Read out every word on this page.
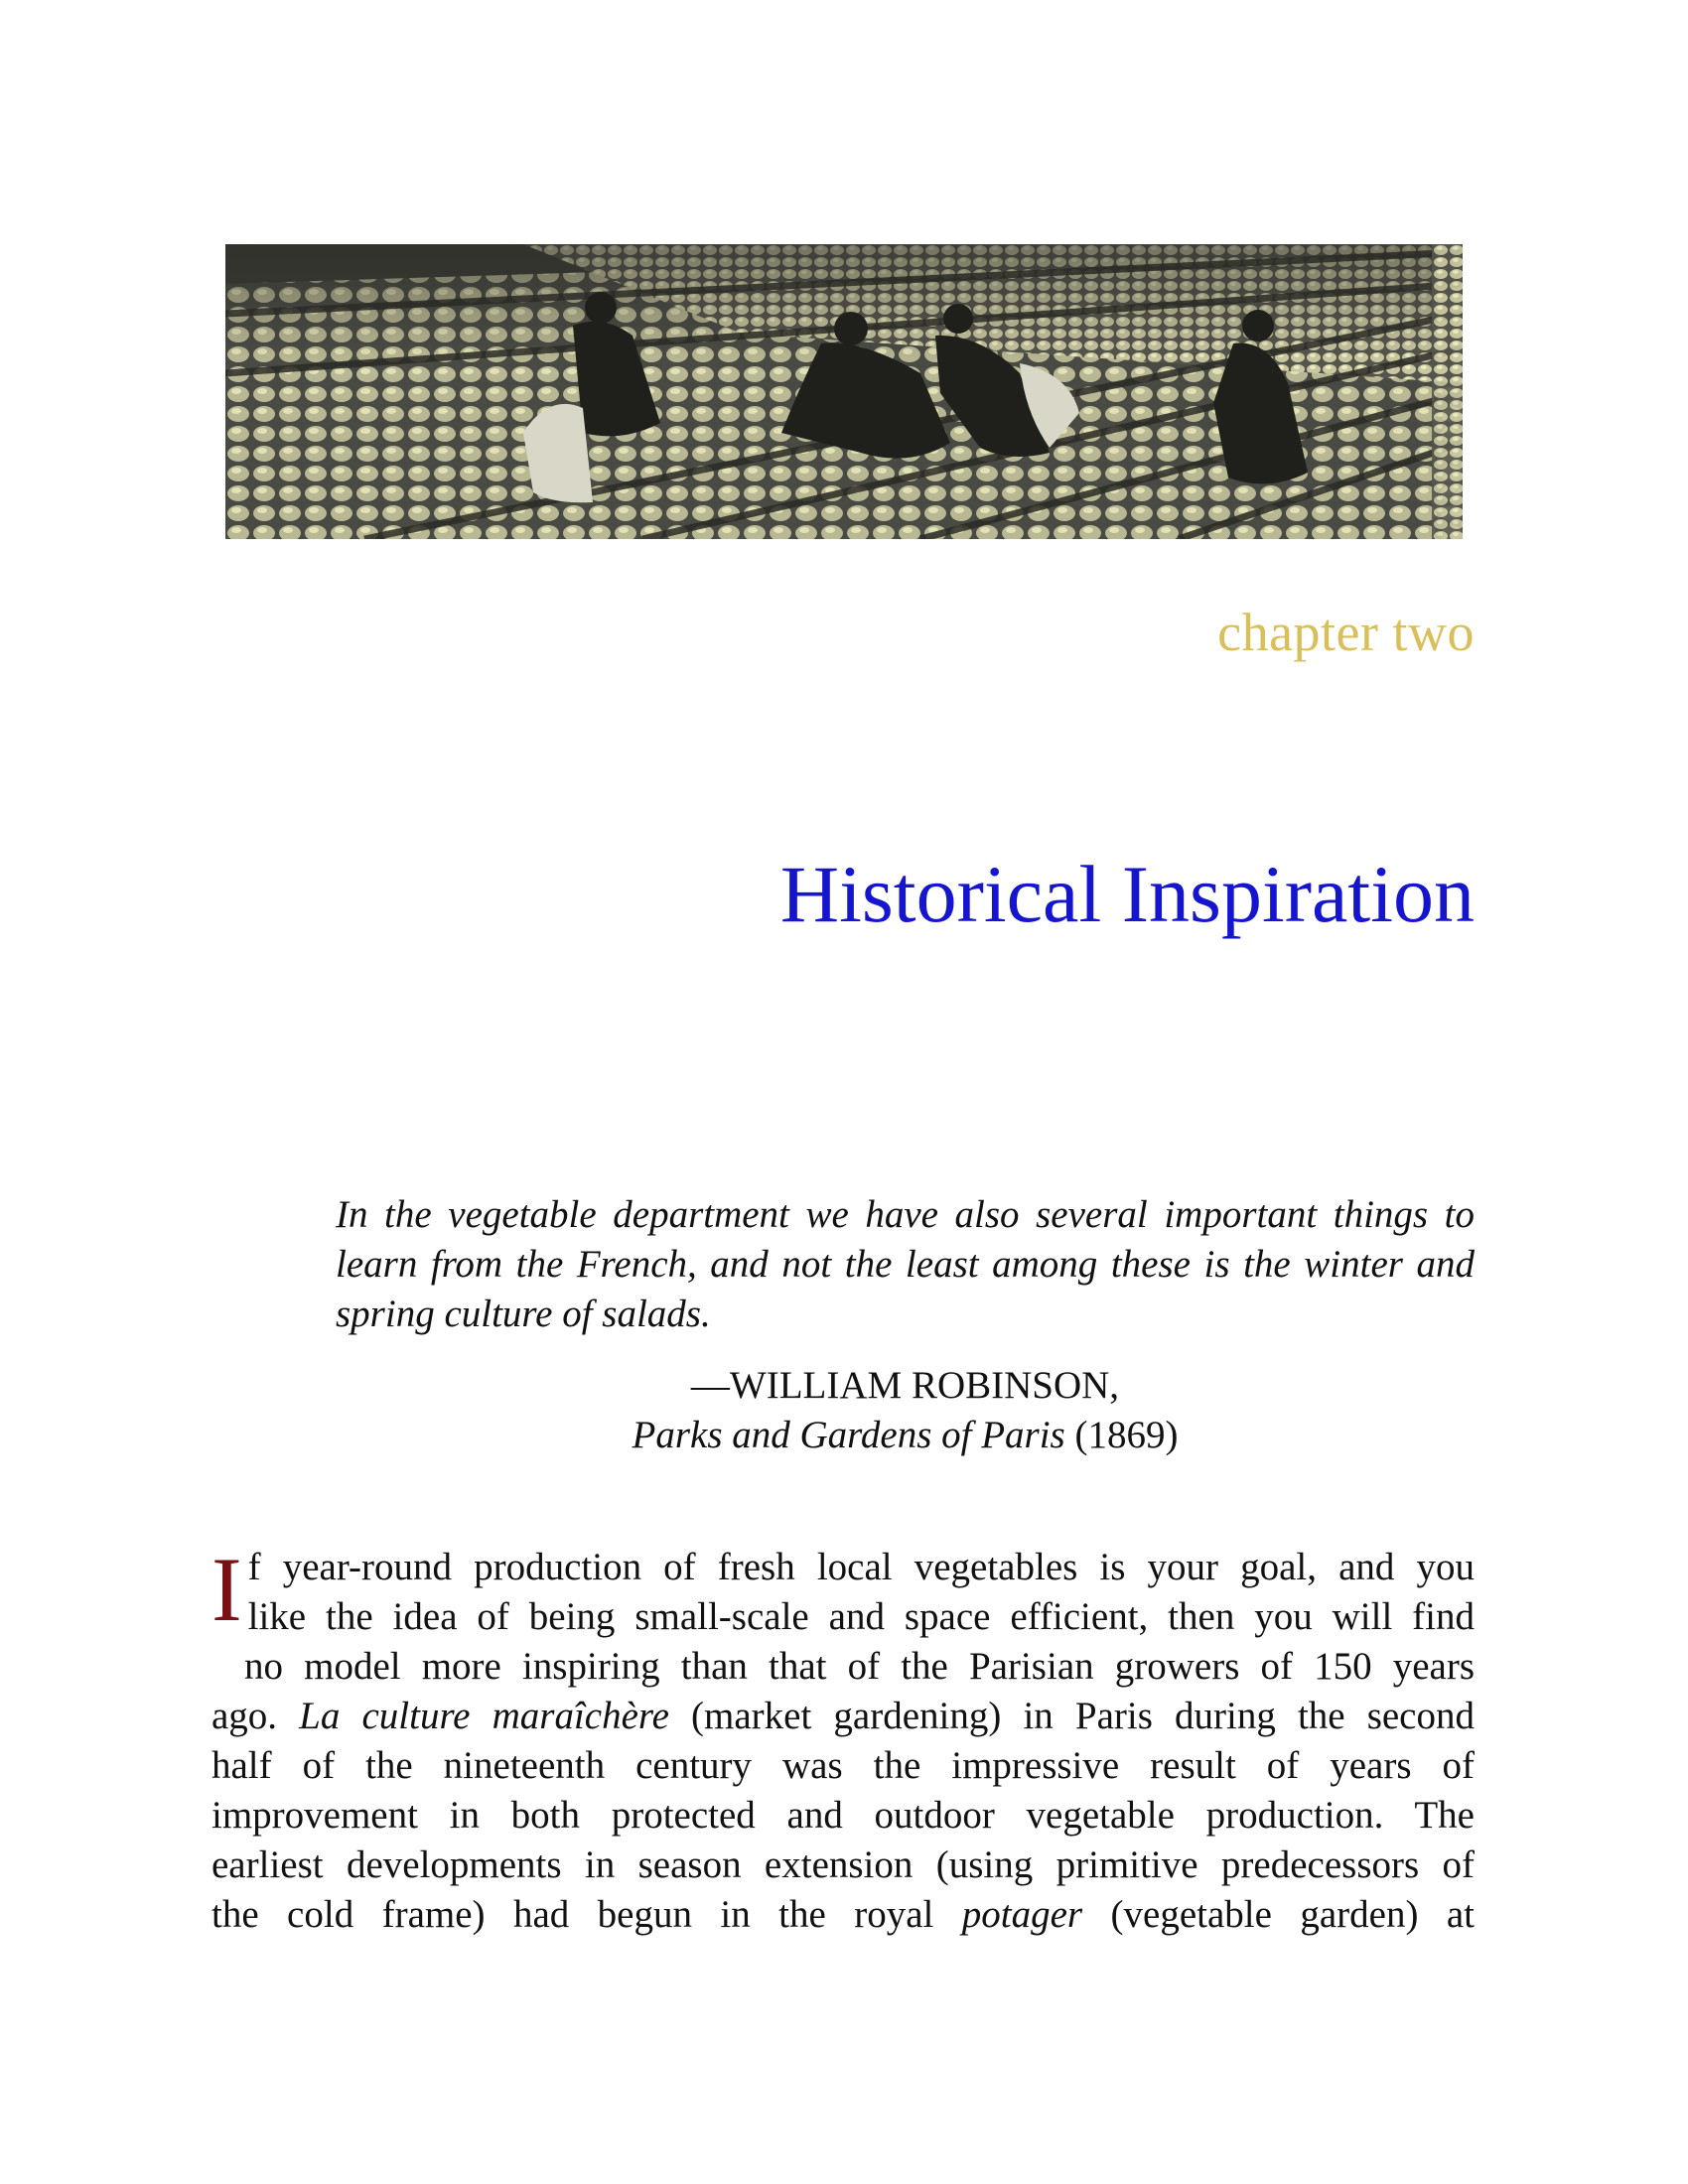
chapter two
Historical Inspiration

In the vegetable department we have also several important things to learn from the French, and not the least among these is the winter and spring culture of salads.

—WILLIAM ROBINSON,
Parks and Gardens of Paris (1869)
I f year-round production of fresh local vegetables is your goal, and you
like the idea of being small-scale and space efficient, then you will find
no model more inspiring than that of the Parisian growers of 150 years
ago. La culture maraîchère (market gardening) in Paris during the second
half of the nineteenth century was the impressive result of years of
improvement in both protected and outdoor vegetable production. The
earliest developments in season extension (using primitive predecessors of
the cold frame) had begun in the royal potager (vegetable garden) at
